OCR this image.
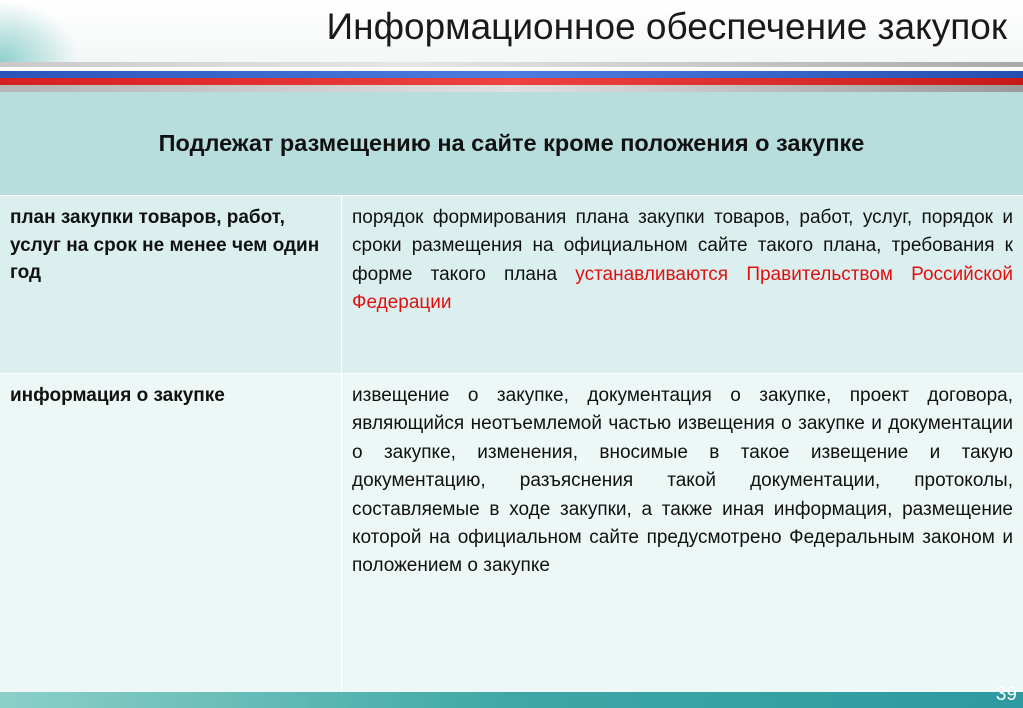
Информационное обеспечение закупок
Подлежат размещению на сайте кроме положения о закупке
план закупки товаров, работ, услуг на срок не менее чем один год
порядок формирования плана закупки товаров, работ, услуг, порядок и сроки размещения на официальном сайте такого плана, требования к форме такого плана устанавливаются Правительством Российской Федерации
информация о закупке	извещение о закупке, документация о закупке, проект договора, являющийся неотъемлемой частью извещения о закупке и документации о закупке, изменения, вносимые в такое извещение и такую документацию, разъяснения такой документации, протоколы, составляемые в ходе закупки, а также иная информация, размещение которой на официальном сайте предусмотрено Федеральным законом и положением о закупке
39
